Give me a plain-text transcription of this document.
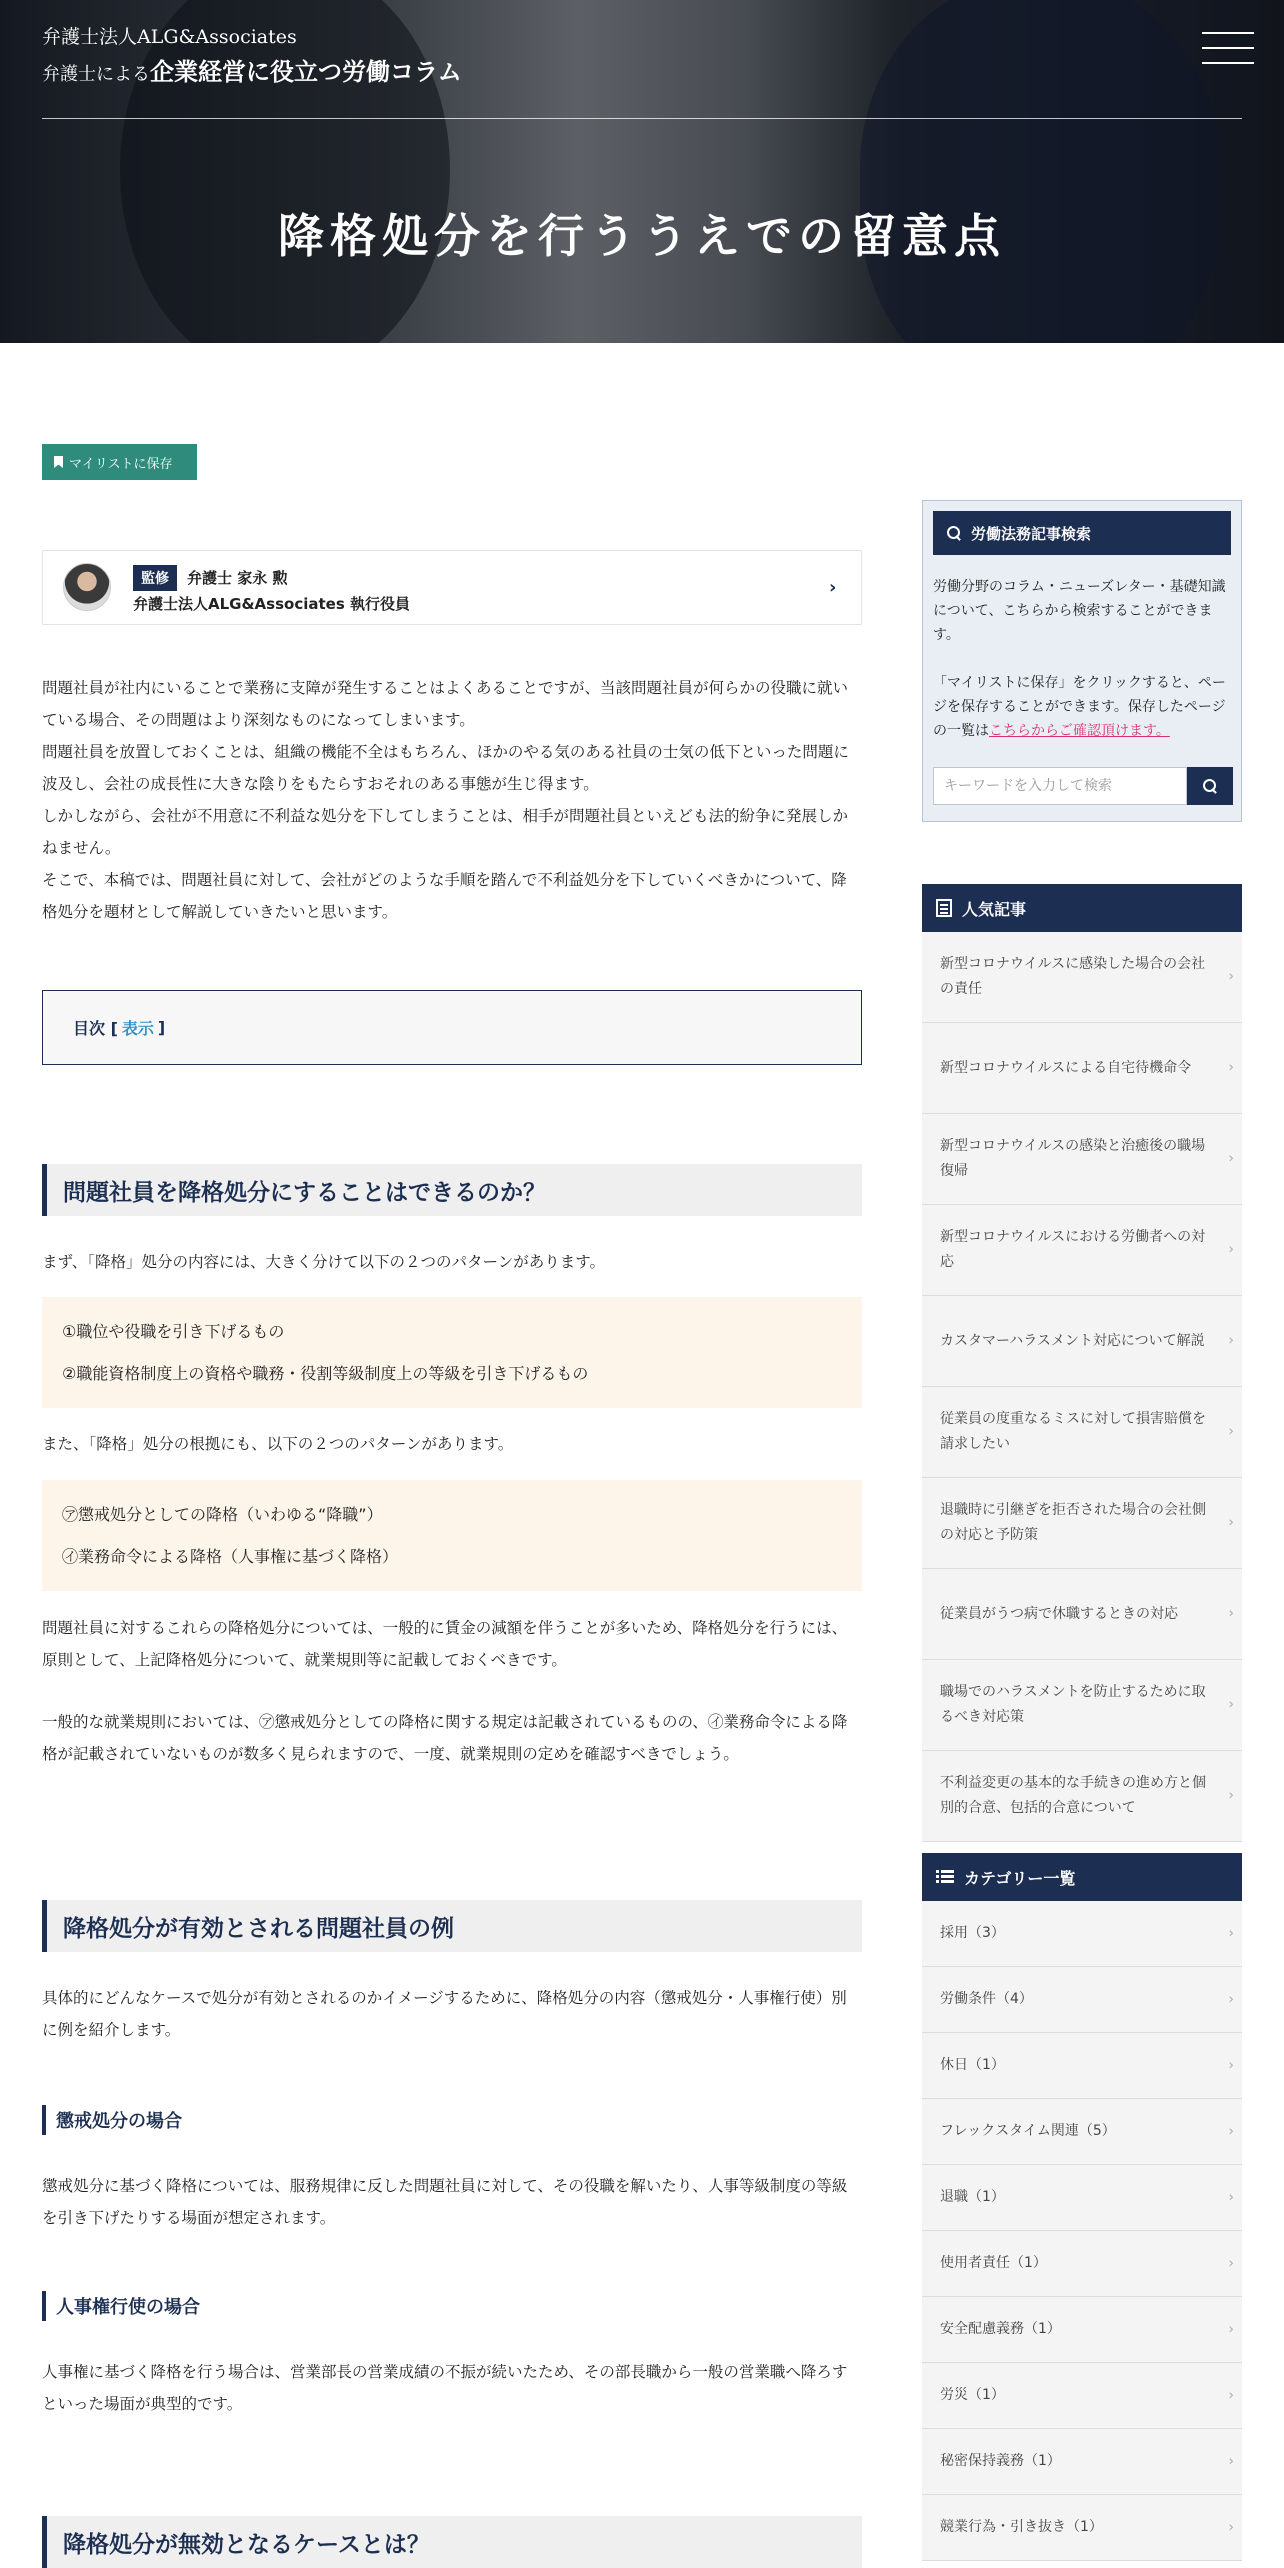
弁護士法人ALG&Associates
弁護士による企業経営に役立つ労働コラム
降格処分を行ううえでの留意点
マイリストに保存
監修	弁護士 家永 勲
弁護士法人ALG&Associates 執行役員
›

問題社員が社内にいることで業務に支障が発生することはよくあることですが、当該問題社員が何らかの役職に就いている場合、その問題はより深刻なものになってしまいます。

問題社員を放置しておくことは、組織の機能不全はもちろん、ほかのやる気のある社員の士気の低下といった問題に波及し、会社の成長性に大きな陰りをもたらすおそれのある事態が生じ得ます。

しかしながら、会社が不用意に不利益な処分を下してしまうことは、相手が問題社員といえども法的紛争に発展しかねません。

そこで、本稿では、問題社員に対して、会社がどのような手順を踏んで不利益処分を下していくべきかについて、降格処分を題材として解説していきたいと思います。

目次 [ 表示 ]
問題社員を降格処分にすることはできるのか？

まず、「降格」処分の内容には、大きく分けて以下の２つのパターンがあります。

①職位や役職を引き下げるもの
②職能資格制度上の資格や職務・役割等級制度上の等級を引き下げるもの

また、「降格」処分の根拠にも、以下の２つのパターンがあります。

㋐懲戒処分としての降格（いわゆる“降職”）
㋑業務命令による降格（人事権に基づく降格）

問題社員に対するこれらの降格処分については、一般的に賃金の減額を伴うことが多いため、降格処分を行うには、原則として、上記降格処分について、就業規則等に記載しておくべきです。

一般的な就業規則においては、㋐懲戒処分としての降格に関する規定は記載されているものの、㋑業務命令による降格が記載されていないものが数多く見られますので、一度、就業規則の定めを確認すべきでしょう。

降格処分が有効とされる問題社員の例

具体的にどんなケースで処分が有効とされるのかイメージするために、降格処分の内容（懲戒処分・人事権行使）別に例を紹介します。

懲戒処分の場合

懲戒処分に基づく降格については、服務規律に反した問題社員に対して、その役職を解いたり、人事等級制度の等級を引き下げたりする場面が想定されます。

人事権行使の場合

人事権に基づく降格を行う場合は、営業部長の営業成績の不振が続いたため、その部長職から一般の営業職へ降ろすといった場面が典型的です。

降格処分が無効となるケースとは？
労働法務記事検索

労働分野のコラム・ニューズレター・基礎知識について、こちらから検索することができます。

「マイリストに保存」をクリックすると、ページを保存することができます。保存したページの一覧はこちらからご確認頂けます。

キーワードを入力して検索
人気記事
新型コロナウイルスに感染した場合の会社の責任
›
新型コロナウイルスによる自宅待機命令	›
新型コロナウイルスの感染と治癒後の職場復帰
›
新型コロナウイルスにおける労働者への対応
›
カスタマーハラスメント対応について解説 ›
従業員の度重なるミスに対して損害賠償を請求したい
›
退職時に引継ぎを拒否された場合の会社側の対応と予防策
›
従業員がうつ病で休職するときの対応	›
職場でのハラスメントを防止するために取るべき対応策
›
不利益変更の基本的な手続きの進め方と個別的合意、包括的合意について
›
カテゴリー一覧
採用（3）	›
労働条件（4）	›
休日（1）	›
フレックスタイム関連（5）	›
退職（1）	›
使用者責任（1）	›
安全配慮義務（1）	›
労災（1）	›
秘密保持義務（1）	›
競業行為・引き抜き（1）	›
